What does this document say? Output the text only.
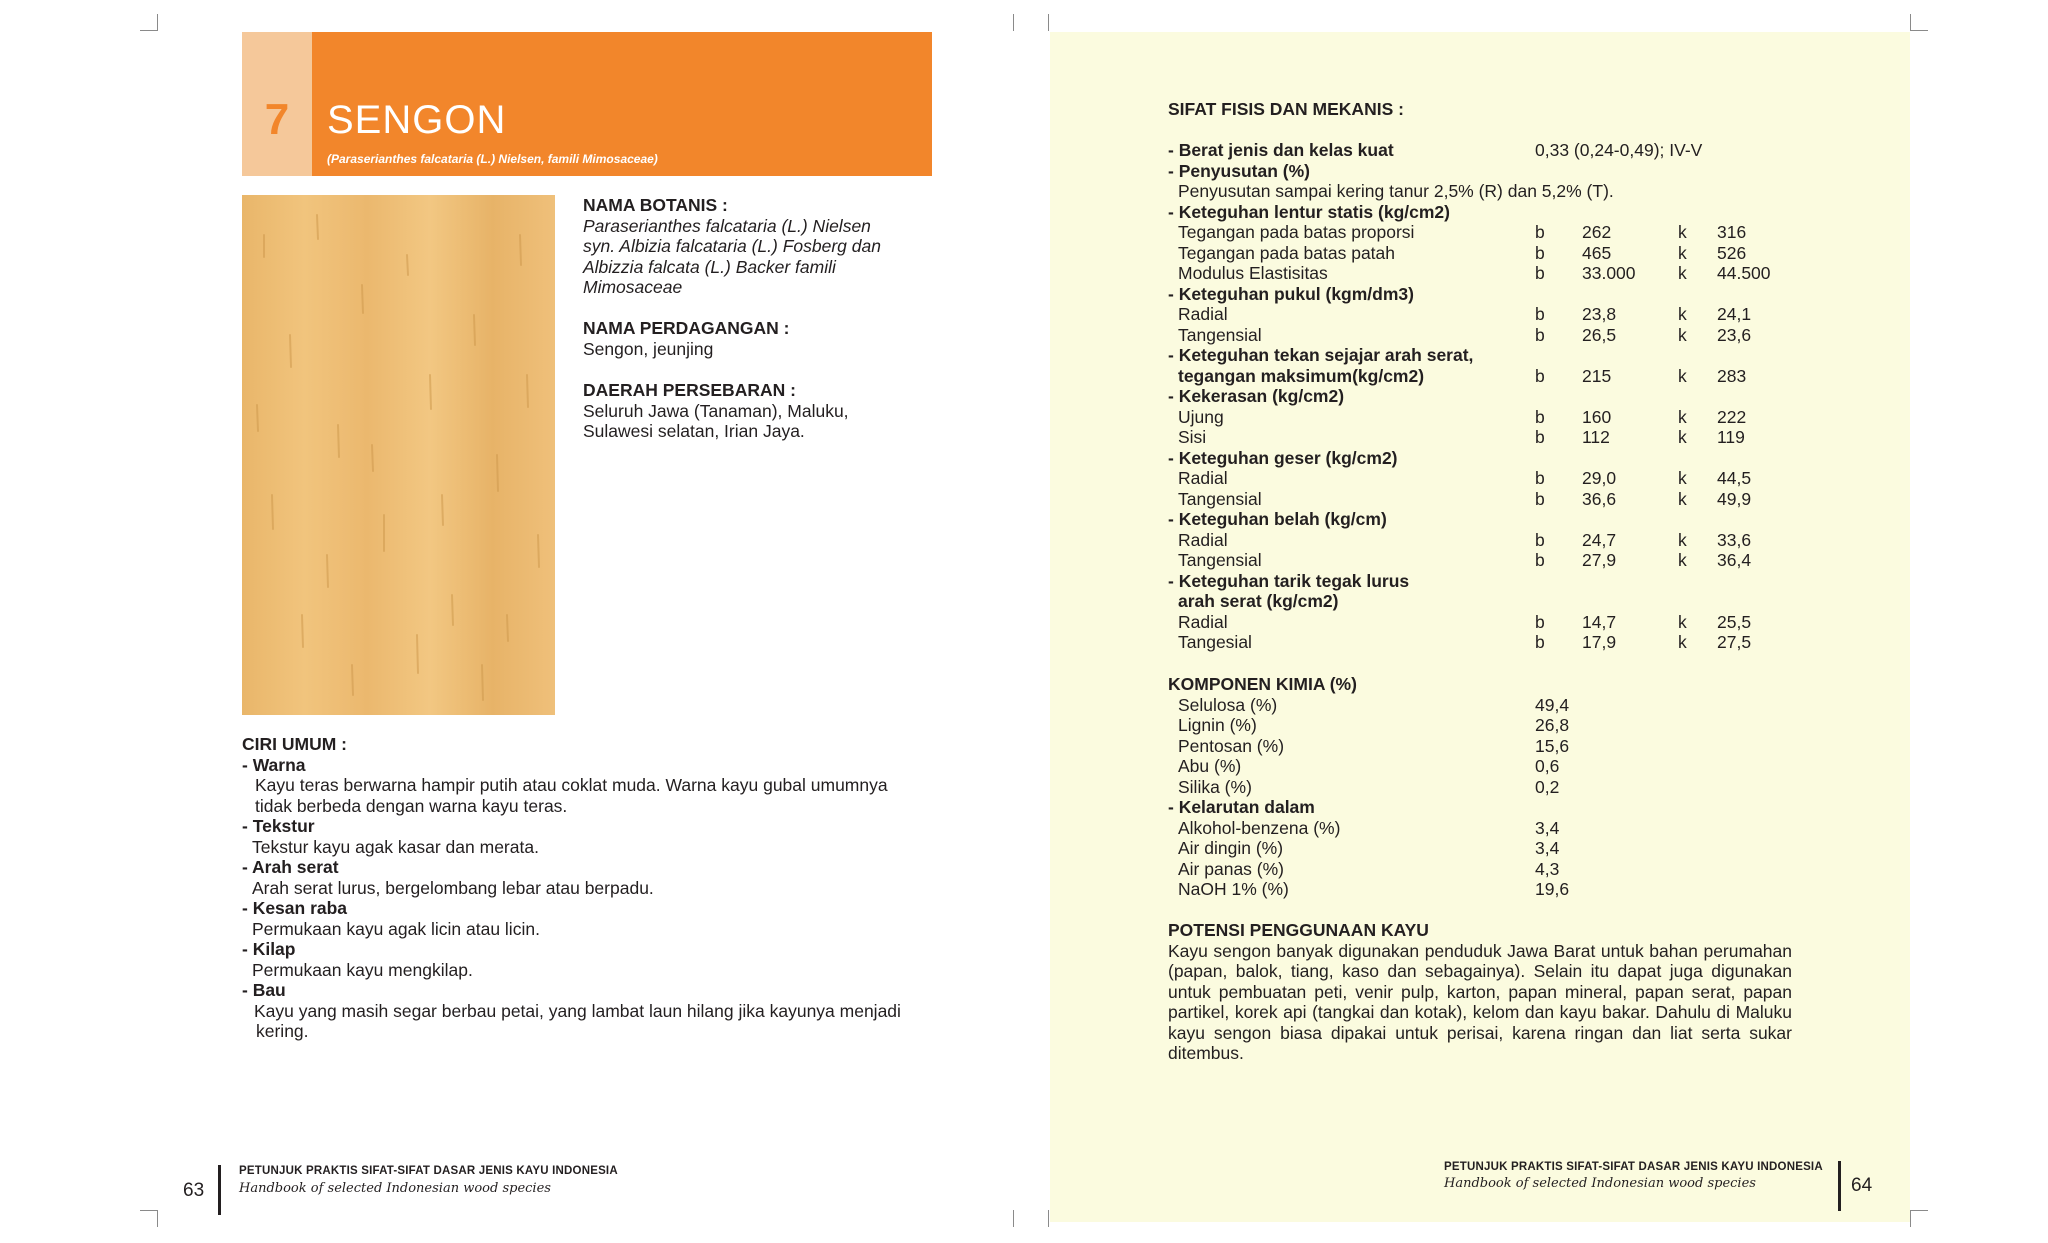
7 SENGON
(Paraserianthes falcataria (L.) Nielsen, famili Mimosaceae)
NAMA BOTANIS :
Paraserianthes falcataria (L.) Nielsen
syn. Albizia falcataria (L.) Fosberg dan
Albizzia falcata (L.) Backer famili
Mimosaceae
NAMA PERDAGANGAN :
Sengon, jeunjing
DAERAH PERSEBARAN :
Seluruh Jawa (Tanaman), Maluku,
Sulawesi selatan, Irian Jaya.
CIRI UMUM :
- Warna
Kayu teras berwarna hampir putih atau coklat muda. Warna kayu gubal umumnya
tidak berbeda dengan warna kayu teras.
- Tekstur
Tekstur kayu agak kasar dan merata.
- Arah serat
Arah serat lurus, bergelombang lebar atau berpadu.
- Kesan raba
Permukaan kayu agak licin atau licin.
- Kilap
Permukaan kayu mengkilap.
- Bau
Kayu yang masih segar berbau petai, yang lambat laun hilang jika kayunya menjadi
kering.
63
PETUNJUK PRAKTIS SIFAT-SIFAT DASAR JENIS KAYU INDONESIA
Handbook of selected Indonesian wood species
SIFAT FISIS DAN MEKANIS :
- Berat jenis dan kelas kuat	0,33 (0,24-0,49); IV-V
- Penyusutan (%)
Penyusutan sampai kering tanur 2,5% (R) dan 5,2% (T).
- Keteguhan lentur statis (kg/cm2)
Tegangan pada batas proporsi	b 262	k 316
Tegangan pada batas patah	b 465	k 526
Modulus Elastisitas	b 33.000 k 44.500
- Keteguhan pukul (kgm/dm3)
Radial	b 23,8	k 24,1
Tangensial	b 26,5	k 23,6
- Keteguhan tekan sejajar arah serat,
tegangan maksimum(kg/cm2)	b 215	k 283
- Kekerasan (kg/cm2)
Ujung	b 160	k 222
Sisi	b 112	k 119
- Keteguhan geser (kg/cm2)
Radial	b 29,0	k 44,5
Tangensial	b 36,6	k 49,9
- Keteguhan belah (kg/cm)
Radial	b 24,7	k 33,6
Tangensial	b 27,9	k 36,4
- Keteguhan tarik tegak lurus
arah serat (kg/cm2)
Radial	b 14,7	k 25,5
Tangesial	b 17,9	k 27,5
KOMPONEN KIMIA (%)
Selulosa (%)	49,4
Lignin (%)	26,8
Pentosan (%)	15,6
Abu (%)	0,6
Silika (%)	0,2
- Kelarutan dalam
Alkohol-benzena (%)	3,4
Air dingin (%)	3,4
Air panas (%)	4,3
NaOH 1% (%)	19,6
POTENSI PENGGUNAAN KAYU
Kayu sengon banyak digunakan penduduk Jawa Barat untuk bahan perumahan (papan, balok, tiang, kaso dan sebagainya). Selain itu dapat juga digunakan untuk pembuatan peti, venir pulp, karton, papan mineral, papan serat, papan partikel, korek api (tangkai dan kotak), kelom dan kayu bakar. Dahulu di Maluku kayu sengon biasa dipakai untuk perisai, karena ringan dan liat serta sukar ditembus.
PETUNJUK PRAKTIS SIFAT-SIFAT DASAR JENIS KAYU INDONESIA
Handbook of selected Indonesian wood species	64
